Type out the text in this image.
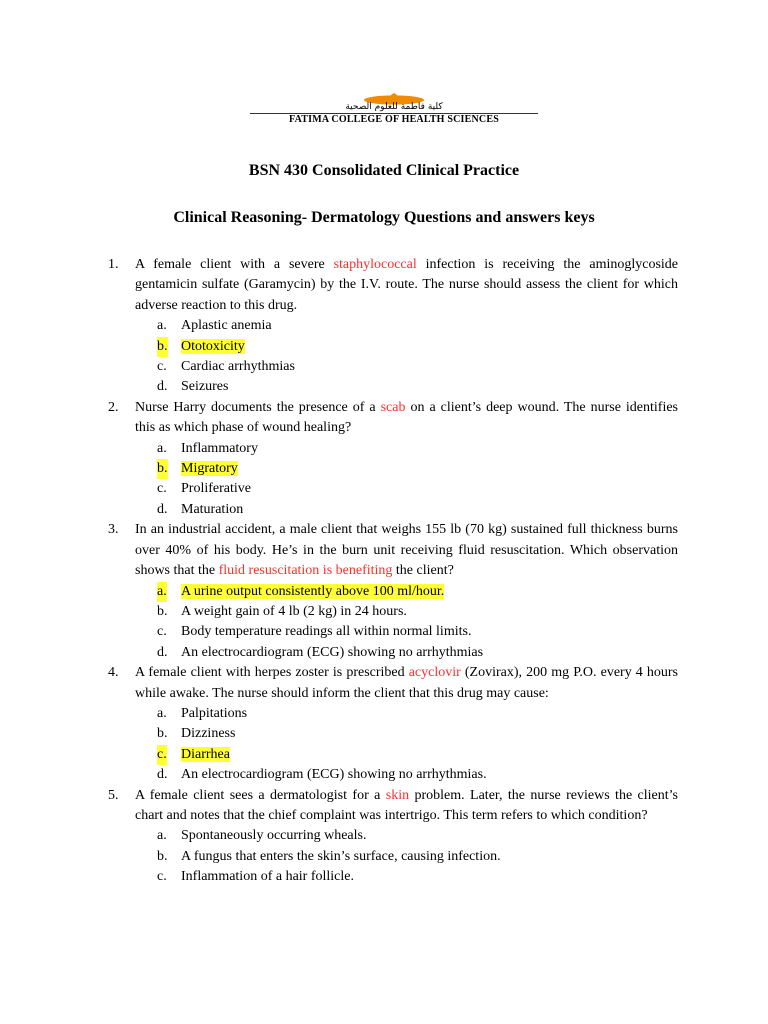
كلية فاطمة للعلوم الصحية
FATIMA COLLEGE OF HEALTH SCIENCES
BSN 430 Consolidated Clinical Practice
Clinical Reasoning- Dermatology Questions and answers keys
1. A female client with a severe staphylococcal infection is receiving the aminoglycoside gentamicin sulfate (Garamycin) by the I.V. route. The nurse should assess the client for which adverse reaction to this drug.
a. Aplastic anemia
b. Ototoxicity
c. Cardiac arrhythmias
d. Seizures
2. Nurse Harry documents the presence of a scab on a client’s deep wound. The nurse identifies this as which phase of wound healing?
a. Inflammatory
b. Migratory
c. Proliferative
d. Maturation
3. In an industrial accident, a male client that weighs 155 lb (70 kg) sustained full thickness burns over 40% of his body. He’s in the burn unit receiving fluid resuscitation. Which observation shows that the fluid resuscitation is benefiting the client?
a. A urine output consistently above 100 ml/hour.
b. A weight gain of 4 lb (2 kg) in 24 hours.
c. Body temperature readings all within normal limits.
d. An electrocardiogram (ECG) showing no arrhythmias
4. A female client with herpes zoster is prescribed acyclovir (Zovirax), 200 mg P.O. every 4 hours while awake. The nurse should inform the client that this drug may cause:
a. Palpitations
b. Dizziness
c. Diarrhea
d. An electrocardiogram (ECG) showing no arrhythmias.
5. A female client sees a dermatologist for a skin problem. Later, the nurse reviews the client’s chart and notes that the chief complaint was intertrigo. This term refers to which condition?
a. Spontaneously occurring wheals.
b. A fungus that enters the skin’s surface, causing infection.
c. Inflammation of a hair follicle.
